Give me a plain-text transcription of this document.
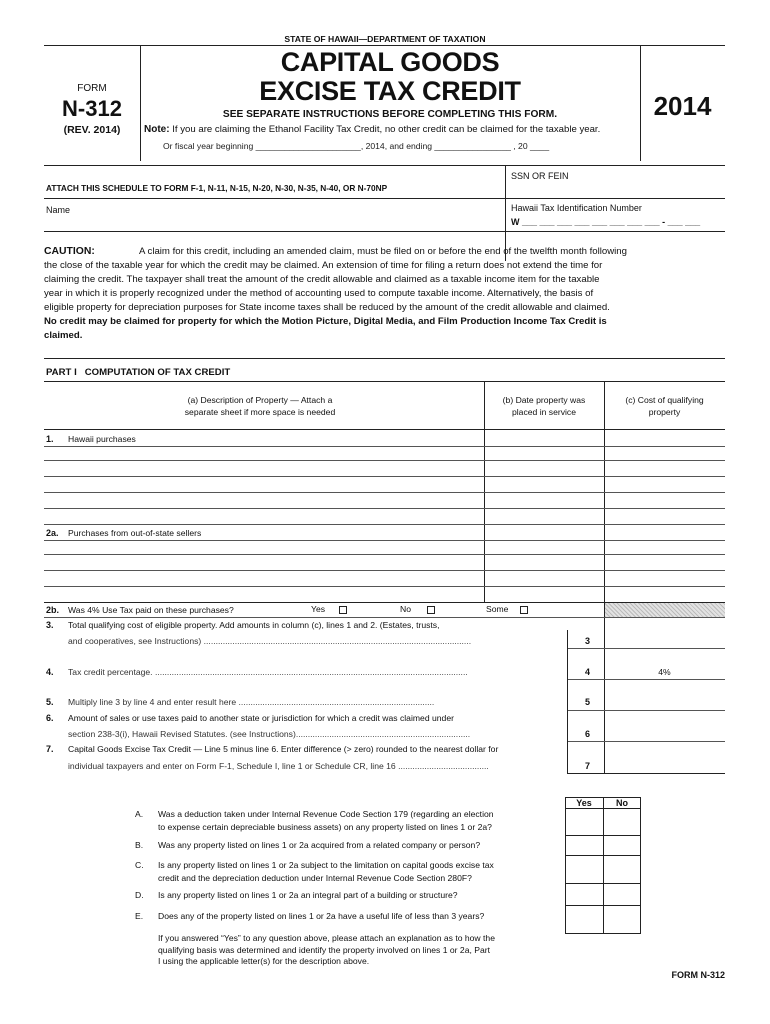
STATE OF HAWAII—DEPARTMENT OF TAXATION
FORM
N-312
(REV. 2014)
CAPITAL GOODS
EXCISE TAX CREDIT
SEE SEPARATE INSTRUCTIONS BEFORE COMPLETING THIS FORM.
Note: If you are claiming the Ethanol Facility Tax Credit, no other credit can be claimed for the taxable year.
Or fiscal year beginning ______________________, 2014, and ending ________________ , 20 ____
2014
SSN OR FEIN
ATTACH THIS SCHEDULE TO FORM F-1, N-11, N-15, N-20, N-30, N-35, N-40, OR N-70NP
Name	Hawaii Tax Identification Number
W ___ ___ ___ ___ ___ ___ ___ ___ - ___ ___
CAUTION:	A claim for this credit, including an amended claim, must be filed on or before the end of the twelfth month following
the close of the taxable year for which the credit may be claimed. An extension of time for filing a return does not extend the time for
claiming the credit. The taxpayer shall treat the amount of the credit allowable and claimed as a taxable income item for the taxable
year in which it is properly recognized under the method of accounting used to compute taxable income. Alternatively, the basis of
eligible property for depreciation purposes for State income taxes shall be reduced by the amount of the credit allowable and claimed.
No credit may be claimed for property for which the Motion Picture, Digital Media, and Film Production Income Tax Credit is
claimed.
PART I   COMPUTATION OF TAX CREDIT
(a) Description of Property — Attach a
separate sheet if more space is needed
(b) Date property was
placed in service
(c) Cost of qualifying
property
1. Hawaii purchases
2a. Purchases from out-of-state sellers
2b. Was 4% Use Tax paid on these purchases?	Yes	No	Some
3. Total qualifying cost of eligible property. Add amounts in column (c), lines 1 and 2. (Estates, trusts,
and cooperatives, see Instructions) ................................................................................................................	3
4. Tax credit percentage. ...................................................................................................................................	4	4%
5. Multiply line 3 by line 4 and enter result here ..................................................................................	5
6. Amount of sales or use taxes paid to another state or jurisdiction for which a credit was claimed under
section 238-3(i), Hawaii Revised Statutes. (see Instructions).........................................................................	6
7. Capital Goods Excise Tax Credit — Line 5 minus line 6. Enter difference (> zero) rounded to the nearest dollar for
individual taxpayers and enter on Form F-1, Schedule I, line 1 or Schedule CR, line 16 ......................................	7
Yes	No
A. Was a deduction taken under Internal Revenue Code Section 179 (regarding an election
to expense certain depreciable business assets) on any property listed on lines 1 or 2a?
B. Was any property listed on lines 1 or 2a acquired from a related company or person?
C. Is any property listed on lines 1 or 2a subject to the limitation on capital goods excise tax
credit and the depreciation deduction under Internal Revenue Code Section 280F?
D. Is any property listed on lines 1 or 2a an integral part of a building or structure?
E. Does any of the property listed on lines 1 or 2a have a useful life of less than 3 years?
If you answered “Yes” to any question above, please attach an explanation as to how the
qualifying basis was determined and identify the property involved on lines 1 or 2a, Part
I using the applicable letter(s) for the description above.
FORM N-312
